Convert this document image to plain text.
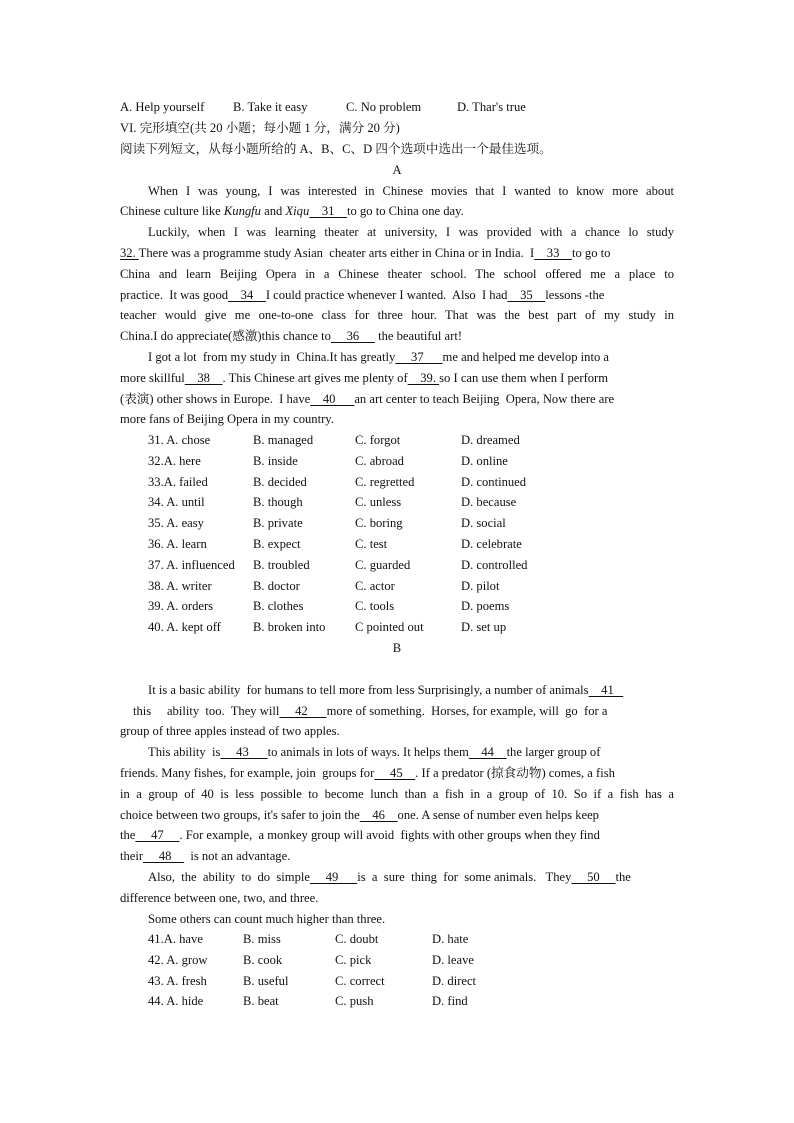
A. Help yourself B. Take it easy	C. No problem	D. Thar's true
VI. 完形填空(共 20 小题；每小题 1 分，满分 20 分)
阅读下列短文，从每小题所给的 A、B、C、D 四个选项中选出一个最佳选项。
A
When I was young, I was interested in Chinese movies that I wanted to know more about
Chinese culture like Kungfu and Xiqu    31    to go to China one day.
Luckily, when I was learning theater at university, I was provided with a chance lo study
32. There was a programme study Asian  cheater arts either in China or in India.  I    33    to go to
China and learn Beijing Opera in a Chinese theater school. The school offered me a place to
practice.  It was good    34    I could practice whenever I wanted.  Also  I had    35    lessons -the
teacher would give me one-to-one class for three hour. That was the best part of my study in
China.I do appreciate(感激)this chance to     36      the beautiful art!
I got a lot  from my study in  China.It has greatly     37      me and helped me develop into a
more skillful    38    . This Chinese art gives me plenty of    39. so I can use them when I perform
(表演) other shows in Europe.  I have    40      an art center to teach Beijing  Opera, Now there are
more fans of Beijing Opera in my country.
31. A. chose	B. managed	C. forgot	D. dreamed
32.A. here	B. inside	C. abroad	D. online
33.A. failed	B. decided	C. regretted	D. continued
34. A. until	B. though	C. unless	D. because
35. A. easy	B. private	C. boring	D. social
36. A. learn	B. expect	C. test	D. celebrate
37. A. influenced B. troubled	C. guarded	D. controlled
38. A. writer	B. doctor	C. actor	D. pilot
39. A. orders	B. clothes	C. tools	D. poems
40. A. kept off	B. broken into C pointed out	D. set up
B
It is a basic ability  for humans to tell more from less Surprisingly, a number of animals    41
this     ability  too.  They will     42      more of something.  Horses, for example, will  go  for a
group of three apples instead of two apples.
This ability  is     43      to animals in lots of ways. It helps them    44    the larger group of
friends. Many fishes, for example, join  groups for     45    . If a predator (掠食动物) comes, a fish
in a group of 40 is less possible to become lunch than a fish in a group of 10. So if a fish has a
choice between two groups, it's safer to join the    46    one. A sense of number even helps keep
the     47     . For example,  a monkey group will avoid  fights with other groups when they find
their     48      is not an advantage.
Also,  the  ability  to  do  simple     49      is  a  sure  thing  for  some animals.   They     50     the
difference between one, two, and three.
Some others can count much higher than three.
41.A. have	B. miss	C. doubt	D. hate
42. A. grow	B. cook	C. pick	D. leave
43. A. fresh	B. useful	C. correct	D. direct
44. A. hide	B. beat	C. push	D. find
